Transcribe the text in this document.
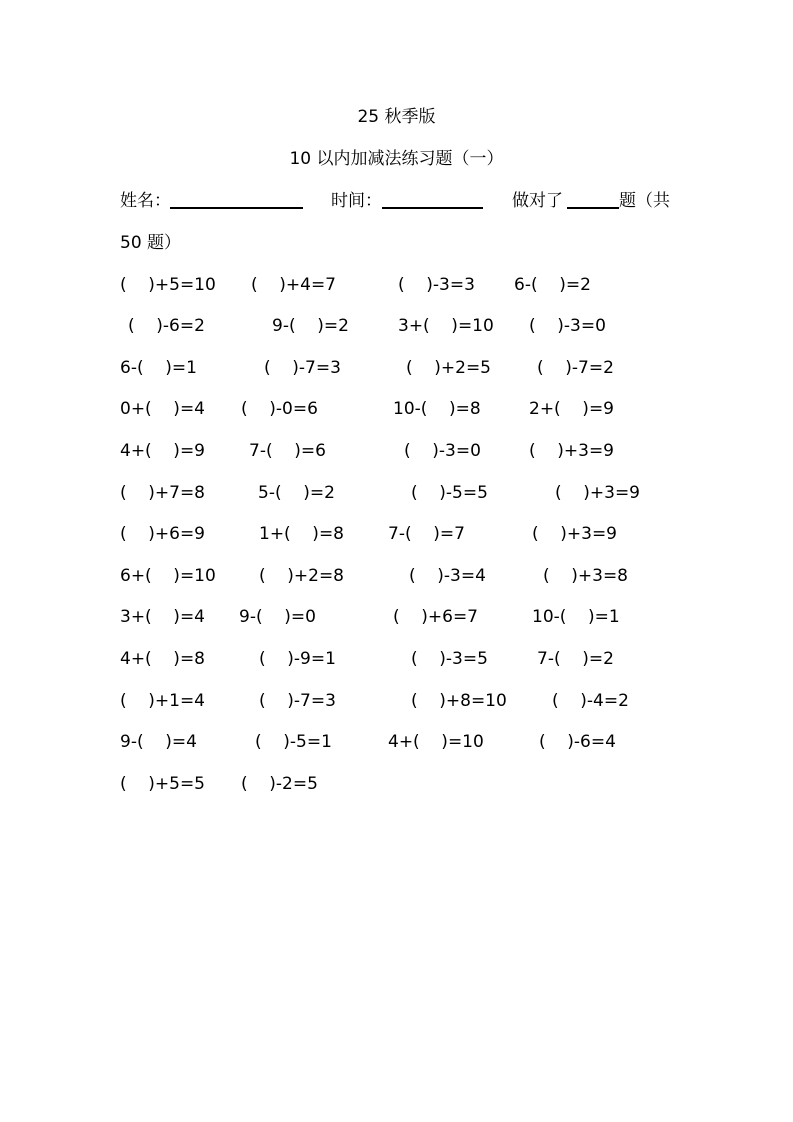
25 秋季版
10 以内加减法练习题（一）
姓名：	时间：	做对了	题（共
50 题）
(    )+5=10 (    )+4=7	(    )-3=3 6-(    )=2
(    )-6=2	9-(    )=2	3+(    )=10 (    )-3=0
6-(    )=1	(    )-7=3	(    )+2=5	(    )-7=2
0+(    )=4 (    )-0=6	10-(    )=8	2+(    )=9
4+(    )=9	7-(    )=6	(    )-3=0	(    )+3=9
(    )+7=8	5-(    )=2	(    )-5=5	(    )+3=9
(    )+6=9	1+(    )=8	7-(    )=7	(    )+3=9
6+(    )=10	(    )+2=8	(    )-3=4	(    )+3=8
3+(    )=4 9-(    )=0	(    )+6=7	10-(    )=1
4+(    )=8	(    )-9=1	(    )-3=5	7-(    )=2
(    )+1=4	(    )-7=3	(    )+8=10	(    )-4=2
9-(    )=4	(    )-5=1	4+(    )=10	(    )-6=4
(    )+5=5 (    )-2=5
